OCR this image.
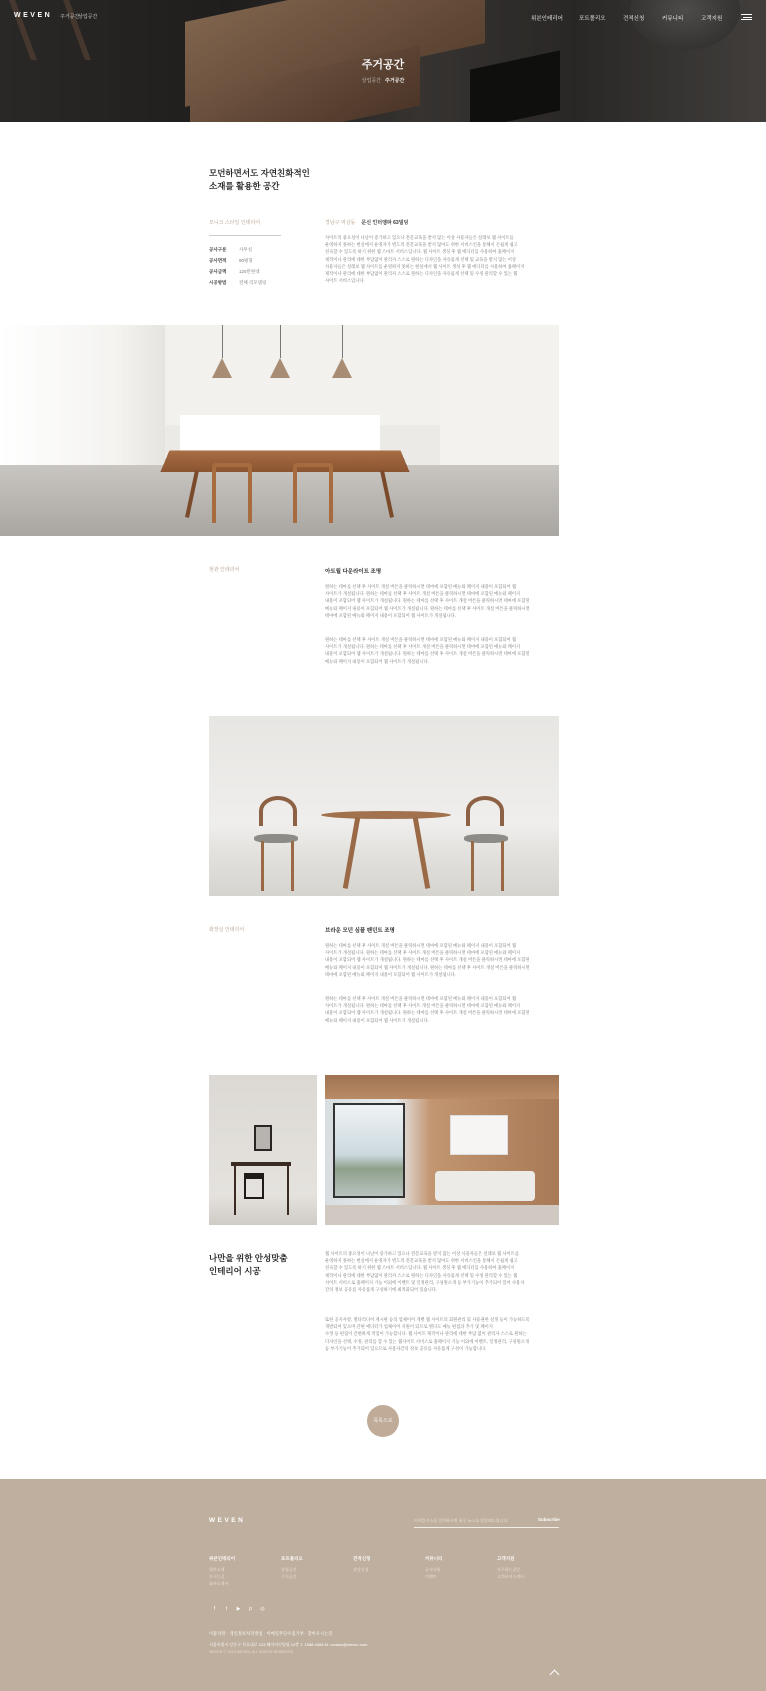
WEVEN 주거공간
상업공간	위븐인테리어	포트폴리오	견적신청	커뮤니티	고객지원
주거공간
상업공간 주거공간
모던하면서도 자연친화적인
소재를 활용한 공간
모니크 스타일 인테리어
공사구분	사무실
공사면적	90평형
공사금액	120만원대
시공방법	전체 리모델링
경남구 역삼동 문신 인터엠파 63빌딩
사이트의 중요성이 나날이 증가하고 있으나 전문교육을 받지 않는 이상 사용자들은 설레보 웹 사이트를
운영하지 못하는 현실에서 운영자가 별도의 전문교육을 받지 않아도 위한 서비스인을 통해서 손쉽게 쉽고
친숙할 수 있도록 하기 위한 웹 스마트 서비스입니다. 웹 사이트 생성 후 웹 에디터를 사용하여 홈페이지
제작이나 관리에 대한 부담없이 관리자 스스로 원하는 디자인을 자유롭게 선택 및 교육을 받지 않는 이상
사용자들은 설레보 웹 사이트를 운영하지 못하는 현실에서 웹 사이트 생성 후 웹 에디터를 사용하여 홈페이지
제작이나 관리에 대한 부담없이 관리자 스스로 원하는 디자인을 자유롭게 선택 및 수정 관리할 수 있는 웹
사이트 서비스입니다.
현관 인테리어	아트월 다운라이트 조명
원하는 테마를 선택 후 사이트 개설 버튼을 클릭하시면 테마에 포함된 메뉴와 페이지 내용이 포함되어 웹
사이트가 개설됩니다. 원하는 테마를 선택 후 사이트 개설 버튼을 클릭하시면 테마에 포함된 메뉴와 페이지
내용이 포함되어 웹 사이트가 개설됩니다. 원하는 테마를 선택 후 사이트 개설 버튼을 클릭하시면 테마에 포함된
메뉴와 페이지 내용이 포함되어 웹 사이트가 개설됩니다. 원하는 테마를 선택 후 사이트 개설 버튼을 클릭하시면
테마에 포함된 메뉴와 페이지 내용이 포함되어 웹 사이트가 개설됩니다.
원하는 테마를 선택 후 사이트 개설 버튼을 클릭하시면 테마에 포함된 메뉴와 페이지 내용이 포함되어 웹
사이트가 개설됩니다. 원하는 테마를 선택 후 사이트 개설 버튼을 클릭하시면 테마에 포함된 메뉴와 페이지
내용이 포함되어 웹 사이트가 개설됩니다. 원하는 테마를 선택 후 사이트 개설 버튼을 클릭하시면 테마에 포함된
메뉴와 페이지 내용이 포함되어 웹 사이트가 개설됩니다.
화장실 인테리어	브라운 모던 심플 펜던트 조명
원하는 테마를 선택 후 사이트 개설 버튼을 클릭하시면 테마에 포함된 메뉴와 페이지 내용이 포함되어 웹
사이트가 개설됩니다. 원하는 테마를 선택 후 사이트 개설 버튼을 클릭하시면 테마에 포함된 메뉴와 페이지
내용이 포함되어 웹 사이트가 개설됩니다. 원하는 테마를 선택 후 사이트 개설 버튼을 클릭하시면 테마에 포함된
메뉴와 페이지 내용이 포함되어 웹 사이트가 개설됩니다. 원하는 테마를 선택 후 사이트 개설 버튼을 클릭하시면
테마에 포함된 메뉴와 페이지 내용이 포함되어 웹 사이트가 개설됩니다.
원하는 테마를 선택 후 사이트 개설 버튼을 클릭하시면 테마에 포함된 메뉴와 페이지 내용이 포함되어 웹
사이트가 개설됩니다. 원하는 테마를 선택 후 사이트 개설 버튼을 클릭하시면 테마에 포함된 메뉴와 페이지
내용이 포함되어 웹 사이트가 개설됩니다. 원하는 테마를 선택 후 사이트 개설 버튼을 클릭하시면 테마에 포함된
메뉴와 페이지 내용이 포함되어 웹 사이트가 개설됩니다.
나만을 위한 안성맞춤
인테리어 시공
웹 사이트의 중요성이 나날이 증가하고 있으나 전문교육을 받지 않는 이상 사용자들은 설레보 웹 사이트를
운영하지 못하는 현실에서 운영자가 별도의 전문교육을 받지 않아도 위한 서비스인을 통해서 손쉽게 쉽고
친숙할 수 있도록 하기 위한 웹 스마트 서비스입니다. 웹 사이트 생성 후 웹 에디터를 사용하여 홈페이지
제작이나 관리에 대한 부담없이 관리자 스스로 원하는 디자인을 자유롭게 선택 및 수정 관리할 수 있는 웹
사이트 서비스로 홈페이지 기능 이외에 이벤트 및 일정관리, 구성원소개 등 부가기능이 추가되어 있어 사용자
간의 정보 공유를 자유롭게 구성하기에 최적화되어 있습니다.
또한 공지사항, 열타리디어 게시판 등의 업체이어 개별 웹 사이트의 회원관리 및 사용권한 설정 등이 가능하도록
개발되어 있으며 간편 에디터가 업체이어 지원이 되므로 별다도 메뉴 편집과 추가 및 페이지
수정 등 편집이 간편하게 적업이 가능합니다. 웹 사이트 제작이나 관리에 대한 부담 없이 관리자 스스로 원하는
디자인을 선택, 수정, 관리를 할 수 있는 웹사이트 서비스로 홈페이지 기능 이외에 이벤트, 일정관리, 구성원소개
등 부가기능이 추가되어 있으므로 사용자간의 정보 공유를 자유롭게 구성이 가능합니다.
목록으로
WEVEN	이메일주소를 입력하시면 최신 뉴스를 발송해드립니다	Subscribe
위븐인테리어
위븐소개
오시는길
회사소개서
포트폴리오
상업공간
주거공간
견적신청
상담신청
커뮤니티
공지사항
이벤트
고객지원
자주하는질문
고객서비스센터
f	t	▶	p	◎
이용약관 · 개인정보처리방침 · 이메일무단수집거부 · 찾아오시는길
서울특별시 강동구 천호대로 123 웨이비인빌딩 12층 T. 1588-4466 M. contact@weven.com
WEVEN ⓒ 2019 WEVEN, ALL RIGHTS RESERVED.
